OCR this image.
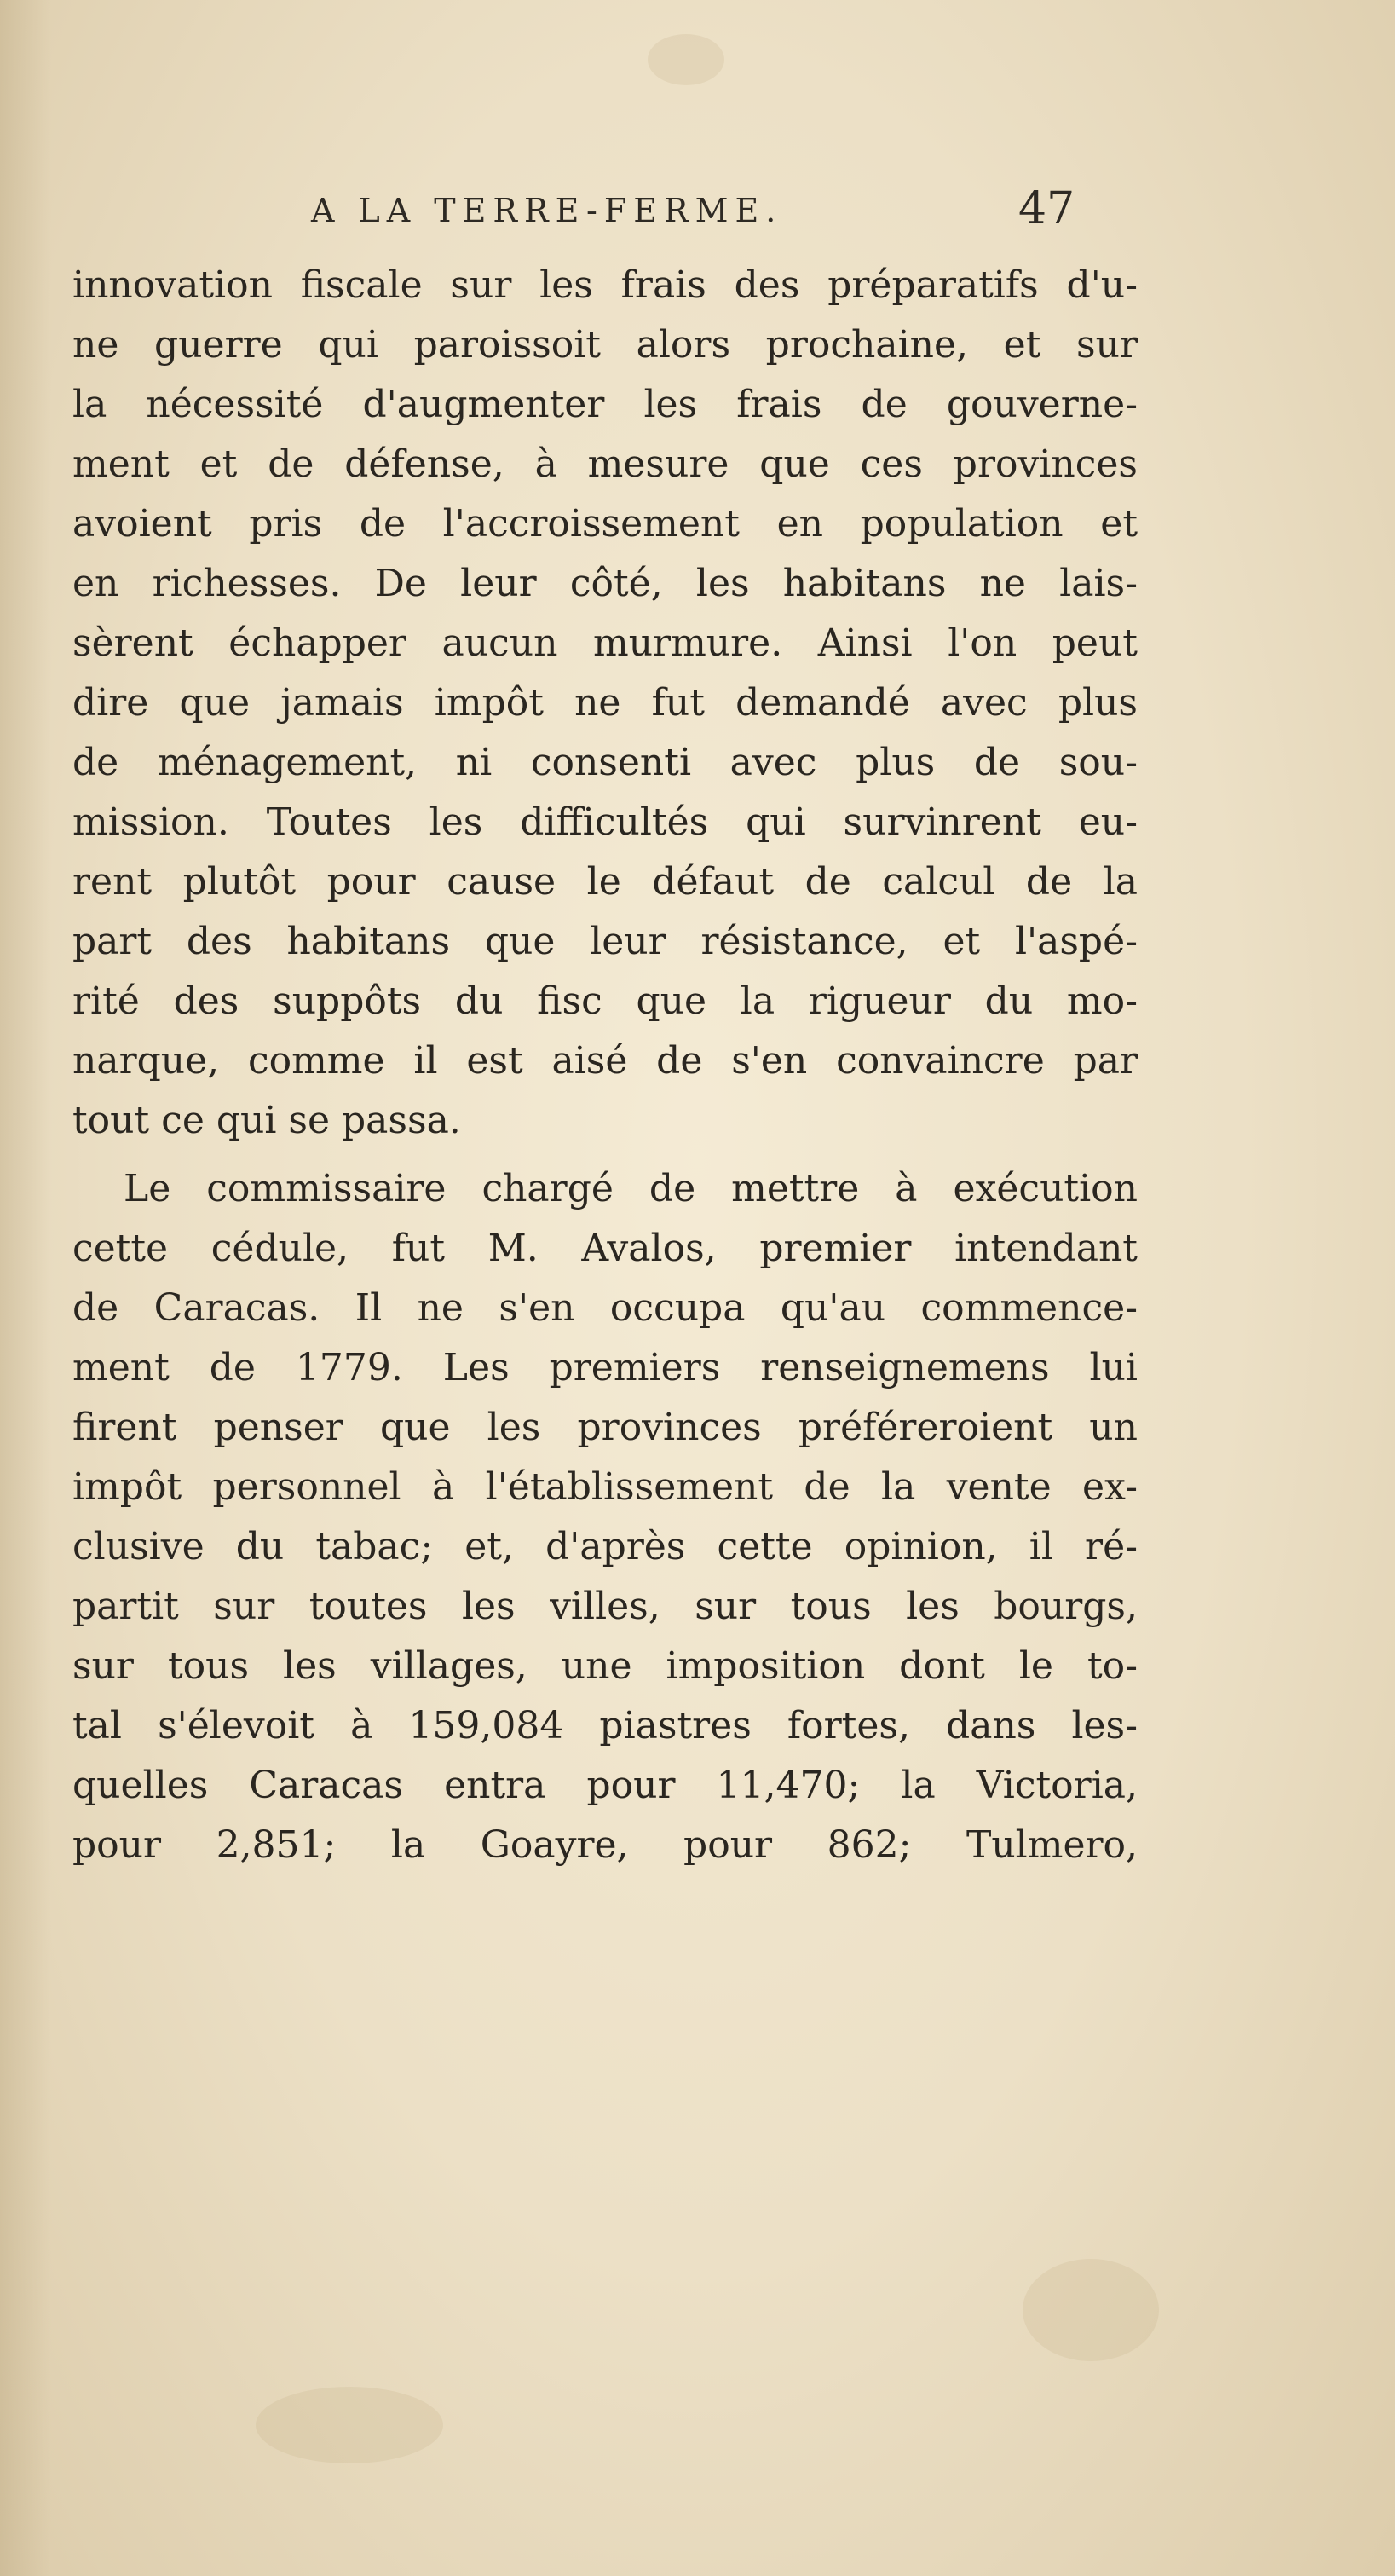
A LA TERRE-FERME.	47
innovation fiscale sur les frais des préparatifs d'u-
ne guerre qui paroissoit alors prochaine, et sur
la nécessité d'augmenter les frais de gouverne-
ment et de défense, à mesure que ces provinces
avoient pris de l'accroissement en population et
en richesses. De leur côté, les habitans ne lais-
sèrent échapper aucun murmure. Ainsi l'on peut
dire que jamais impôt ne fut demandé avec plus
de ménagement, ni consenti avec plus de sou-
mission. Toutes les difficultés qui survinrent eu-
rent plutôt pour cause le défaut de calcul de la
part des habitans que leur résistance, et l'aspé-
rité des suppôts du fisc que la rigueur du mo-
narque, comme il est aisé de s'en convaincre par
tout ce qui se passa.
Le commissaire chargé de mettre à exécution
cette cédule, fut M. Avalos, premier intendant
de Caracas. Il ne s'en occupa qu'au commence-
ment de 1779. Les premiers renseignemens lui
firent penser que les provinces préféreroient un
impôt personnel à l'établissement de la vente ex-
clusive du tabac; et, d'après cette opinion, il ré-
partit sur toutes les villes, sur tous les bourgs,
sur tous les villages, une imposition dont le to-
tal s'élevoit à 159,084 piastres fortes, dans les-
quelles Caracas entra pour 11,470; la Victoria,
pour 2,851; la Goayre, pour 862; Tulmero,
